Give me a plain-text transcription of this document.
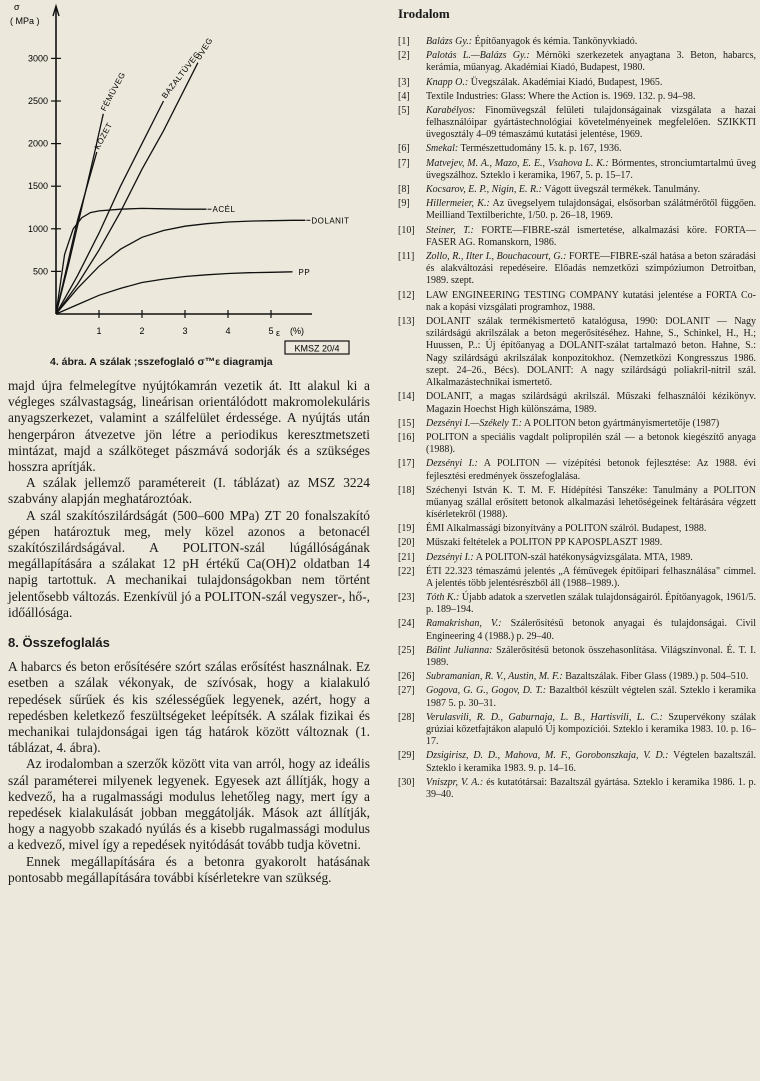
σ
( MPa )
500
1000
1500
2000
2500
3000
1	2	3	4	5 ε (%)
KMSZ 20/4
ÜVEG
BAZALTÜVEG
FÉMÜVEG
KŐZET
ACÉL
DOLANIT
PP
4. ábra. A szálak ;sszefoglaló σ™ε diagramja

majd újra felmelegítve nyújtókamrán vezetik át. Itt alakul ki a végleges szálvastagság, lineárisan orientálódott makromolekuláris anyagszerkezet, valamint a szálfelület érdessége. A nyújtás után hengerpáron átvezetve jön létre a periodikus keresztmetszeti mintázat, majd a szálköteget pászmává sodorják és a szükséges hosszra aprítják.

A szálak jellemző paramétereit (I. táblázat) az MSZ 3224 szabvány alapján meghatároztóak.

A szál szakítószilárdságát (500–600 MPa) ZT 20 fonalszakító gépen határoztuk meg, mely közel azonos a betonacél szakítószilárdságával. A POLITON-szál lúgállóságának megállapítására a szálakat 12 pH értékű Ca(OH)2 oldatban 14 napig tartottuk. A mechanikai tulajdonságokban nem történt jelentősebb változás. Ezenkívül jó a POLITON-szál vegyszer-, hő-, időállósága.

8. Összefoglalás

A habarcs és beton erősítésére szórt szálas erősítést használnak. Ez esetben a szálak vékonyak, de szívósak, hogy a kialakuló repedések sűrűek és kis szélességűek legyenek, azért, hogy a repedésben keletkező feszültségeket leépítsék. A szálak fizikai és mechanikai tulajdonságai igen tág határok között változnak (1. táblázat, 4. ábra).

Az irodalomban a szerzők között vita van arról, hogy az ideális szál paraméterei milyenek legyenek. Egyesek azt állítják, hogy a kedvező, ha a rugalmassági modulus lehetőleg nagy, mert így a repedések kialakulását jobban meggátolják. Mások azt állítják, hogy a nagyobb szakadó nyúlás és a kisebb rugalmassági modulus a kedvező, mivel így a repedések nyitódását tovább tudja követni.

Ennek megállapítására és a betonra gyakorolt hatásának pontosabb megállapítására további kísérletekre van szükség.

Irodalom
[1]	Balázs Gy.: Építőanyagok és kémia. Tankönyvkiadó.
[2]	Palotás L.—Balázs Gy.: Mérnöki szerkezetek anyagtana 3. Beton, habarcs, kerámia, műanyag. Akadémiai Kiadó, Budapest, 1980.
[3]	Knapp O.: Üvegszálak. Akadémiai Kiadó, Budapest, 1965.
[4]	Textile Industries: Glass: Where the Action is. 1969. 132. p. 94–98.
[5]	Karabélyos: Finomüvegszál felületi tulajdonságainak vizsgálata a hazai felhasználóipar gyártástechnológiai követelményeinek megfelelően. SZIKKTI üvegosztály 4–09 témaszámú kutatási jelentése, 1969.
[6]	Smekal: Természettudomány 15. k. p. 167, 1936.
[7]	Matvejev, M. A., Mazo, E. E., Vsahova L. K.: Bórmentes, stronciumtartalmú üveg üvegszálhoz. Szteklo i keramika, 1967, 5. p. 15–17.
[8]	Kocsarov, E. P., Nigin, E. R.: Vágott üvegszál termékek. Tanulmány.
[9]	Hillermeier, K.: Az üvegselyem tulajdonságai, elsősorban szálátmérőtől függően. Meilliand Textilberichte, 1/50. p. 26–18, 1969.
[10]	Steiner, T.: FORTE—FIBRE-szál ismertetése, alkalmazási köre. FORTA—FASER AG. Romanskorn, 1986.
[11]	Zollo, R., Ilter I., Bouchacourt, G.: FORTE—FIBRE-szál hatása a beton száradási és alakváltozási repedéseire. Előadás nemzetközi szimpóziumon Detroitban, 1989. szept.
[12]	LAW ENGINEERING TESTING COMPANY kutatási jelentése a FORTA Co-nak a kopási vizsgálati programhoz, 1988.
[13]	DOLANIT szálak termékismertető katalógusa, 1990: DOLANIT — Nagy szilárdságú akrilszálak a beton megerősítéséhez. Hahne, S., Schinkel, H., H.; Huussen, P..: Új építőanyag a DOLANIT-szálat tartalmazó beton. Hahne, S.: Nagy szilárdságú akrilszálak konpozitokhoz. (Nemzetközi Kongresszus 1986. szept. 24–26., Bécs). DOLANIT: A nagy szilárdságú poliakril-nitril szál. Alkalmazástechnikai ismertető.
[14]	DOLANIT, a magas szilárdságú akrilszál. Műszaki felhasználói kézikönyv. Magazin Hoechst High különszáma, 1989.
[15]	Dezsényi I.—Székely T.: A POLITON beton gyártmányismertetője (1987)
[16]	POLITON a speciális vagdalt polipropilén szál — a betonok kiegészítő anyaga (1988).
[17]	Dezsényi I.: A POLITON — vízépítési betonok fejlesztése: Az 1988. évi fejlesztési eredmények összefoglalása.
[18]	Széchenyi István K. T. M. F. Hídépítési Tanszéke: Tanulmány a POLITON műanyag szállal erősített betonok alkalmazási lehetőségeinek feltárására végzett kísérletekről (1988).
[19]	ÉMI Alkalmassági bizonyítvány a POLITON szálról. Budapest, 1988.
[20]	Műszaki feltételek a POLITON PP KAPOSPLASZT 1989.
[21]	Dezsényi I.: A POLITON-szál hatékonyságvizsgálata. MTA, 1989.
[22]	ÉTI 22.323 témaszámú jelentés „A fémüvegek építőipari felhasználása" címmel. A jelentés több jelentésrészből áll (1988–1989.).
[23]	Tóth K.: Újabb adatok a szervetlen szálak tulajdonságairól. Építőanyagok, 1961/5. p. 189–194.
[24]	Ramakrishan, V.: Szálerősítésű betonok anyagai és tulajdonságai. Civil Engineering 4 (1988.) p. 29–40.
[25]	Bálint Julianna: Szálerősítésű betonok összehasonlítása. Világszínvonal. É. T. I. 1989.
[26]	Subramanian, R. V., Austin, M. F.: Bazaltszálak. Fiber Glass (1989.) p. 504–510.
[27]	Gogova, G. G., Gogov, D. T.: Bazaltból készült végtelen szál. Szteklo i keramika 1987 5. p. 30–31.
[28]	Verulasvili, R. D., Gaburnaja, L. B., Hartisvili, L. C.: Szupervékony szálak grúziai kőzetfajtákon alapuló Új kompozíciói. Szteklo i keramika 1983. 10. p. 16–17.
[29]	Dzsigirisz, D. D., Mahova, M. F., Gorobonszkaja, V. D.: Végtelen bazaltszál. Szteklo i keramika 1983. 9. p. 14–16.
[30]	Vniszpr, V. A.: és kutatótársai: Bazaltszál gyártása. Szteklo i keramika 1986. 1. p. 39–40.
